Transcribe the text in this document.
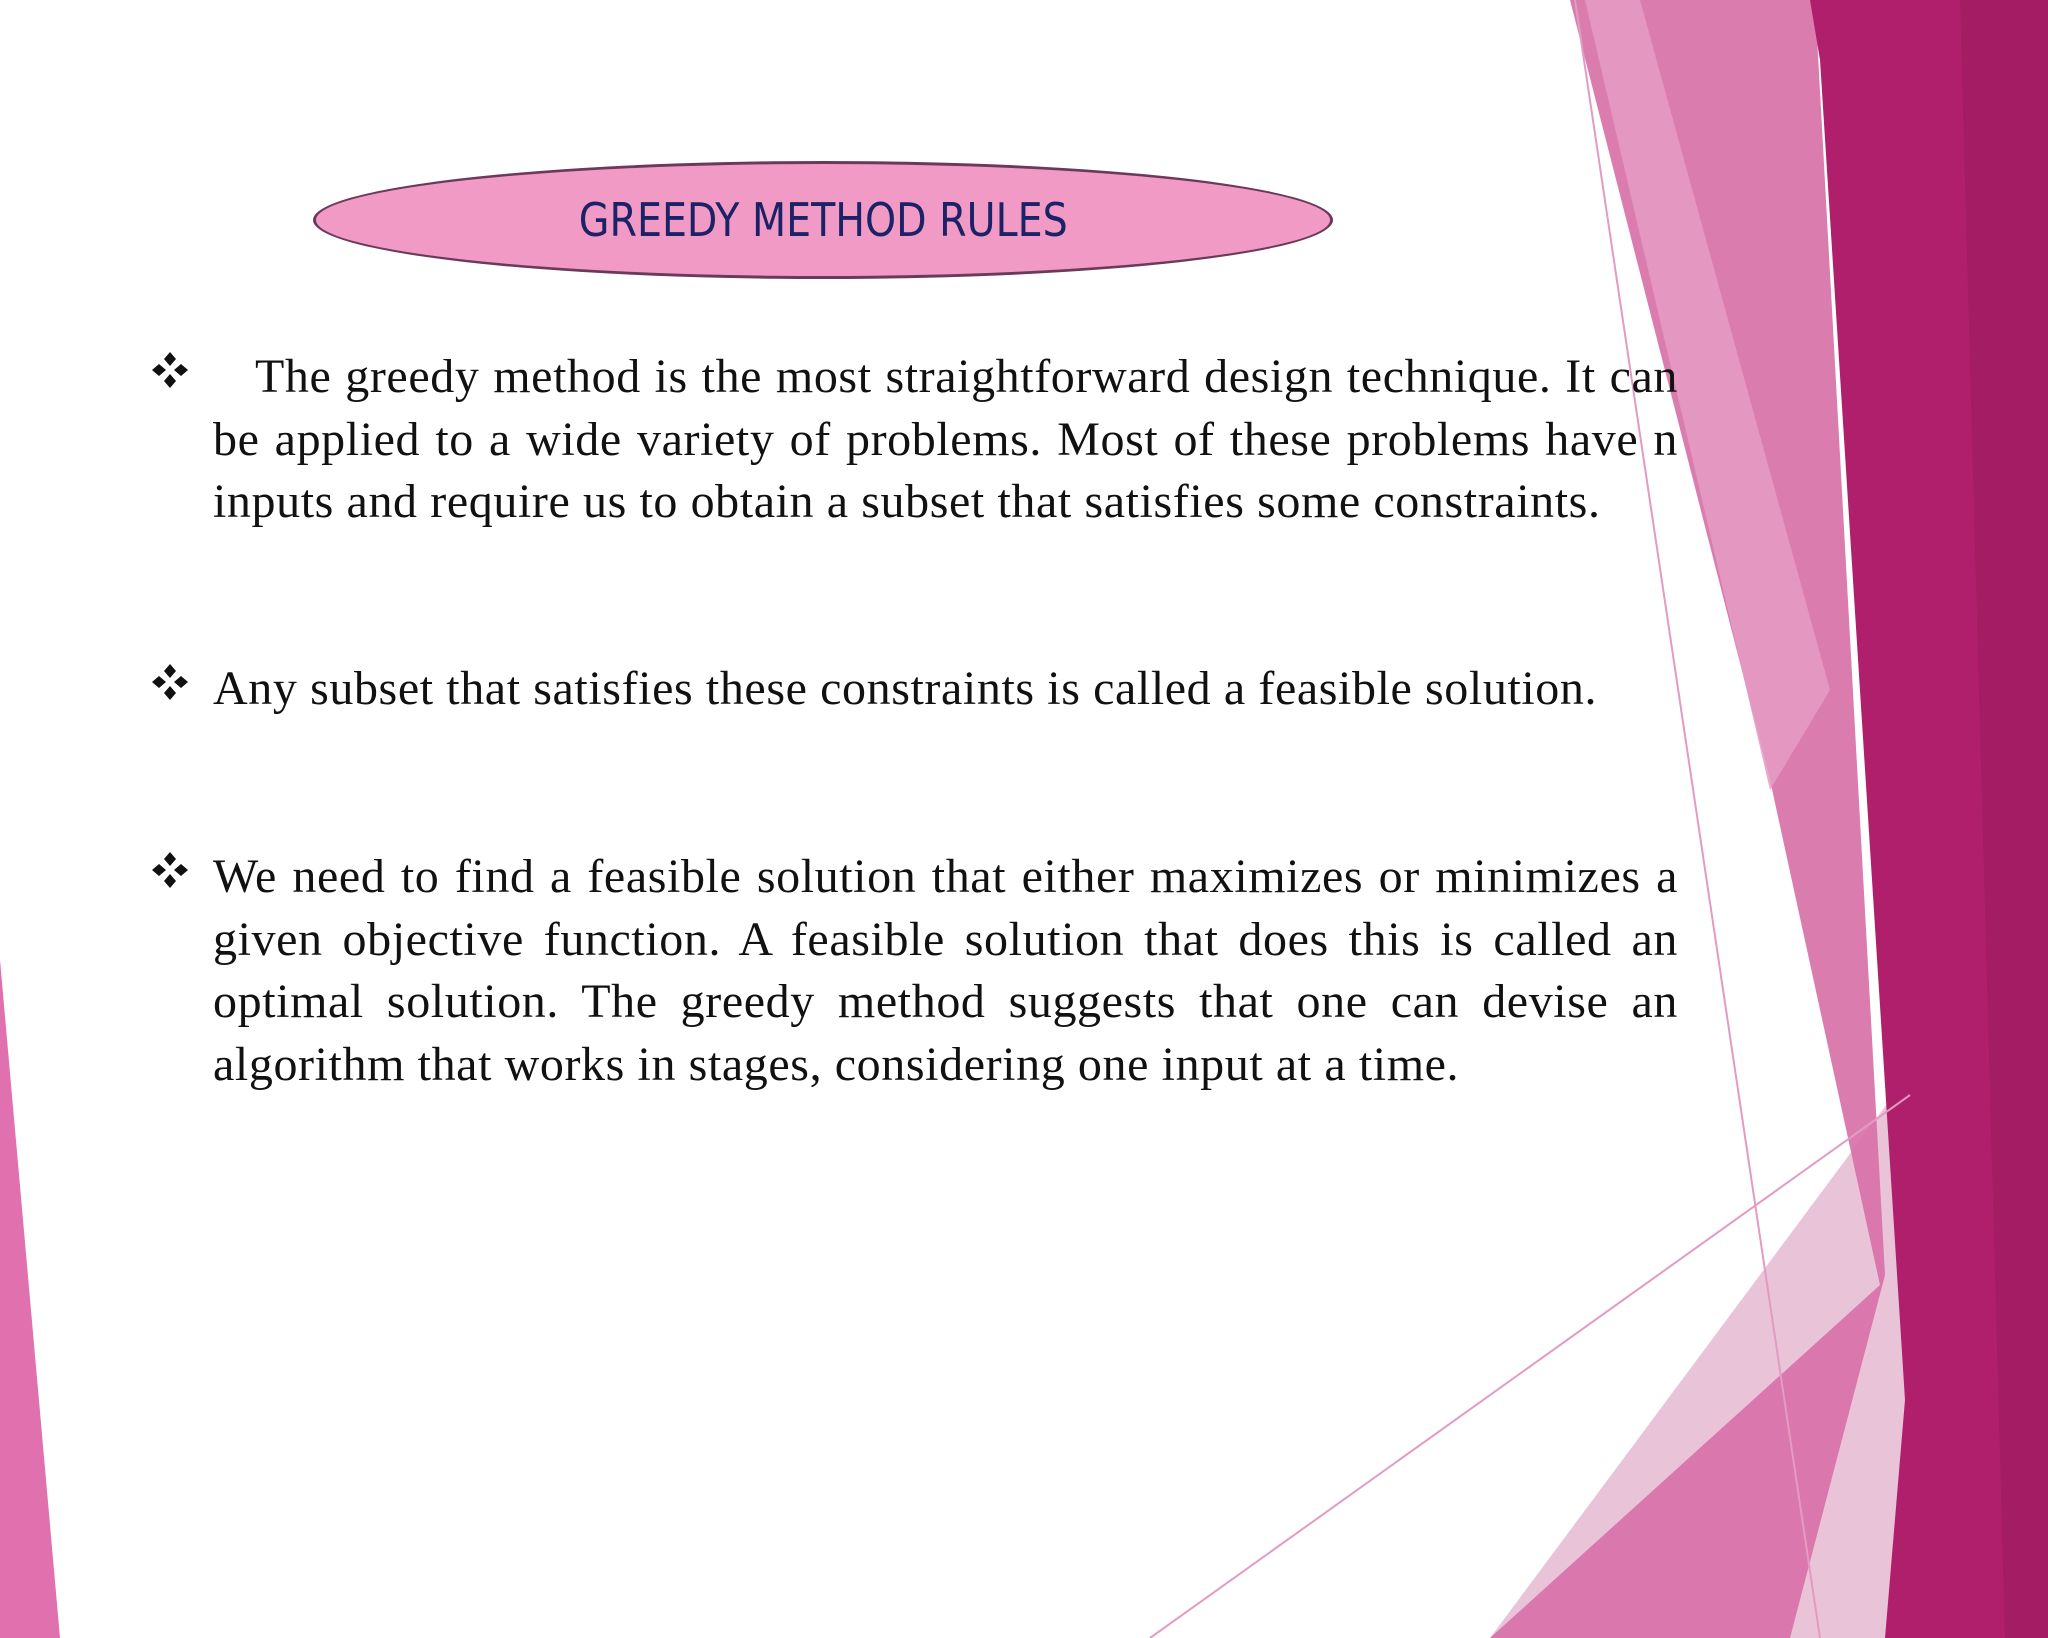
GREEDY METHOD RULES
The greedy method is the most straightforward design technique. It can be applied to a wide variety of problems. Most of these problems have n inputs and require us to obtain a subset that satisfies some constraints.
Any subset that satisfies these constraints is called a feasible solution.
We need to find a feasible solution that either maximizes or minimizes a given objective function. A feasible solution that does this is called an optimal solution. The greedy method suggests that one can devise an algorithm that works in stages, considering one input at a time.
